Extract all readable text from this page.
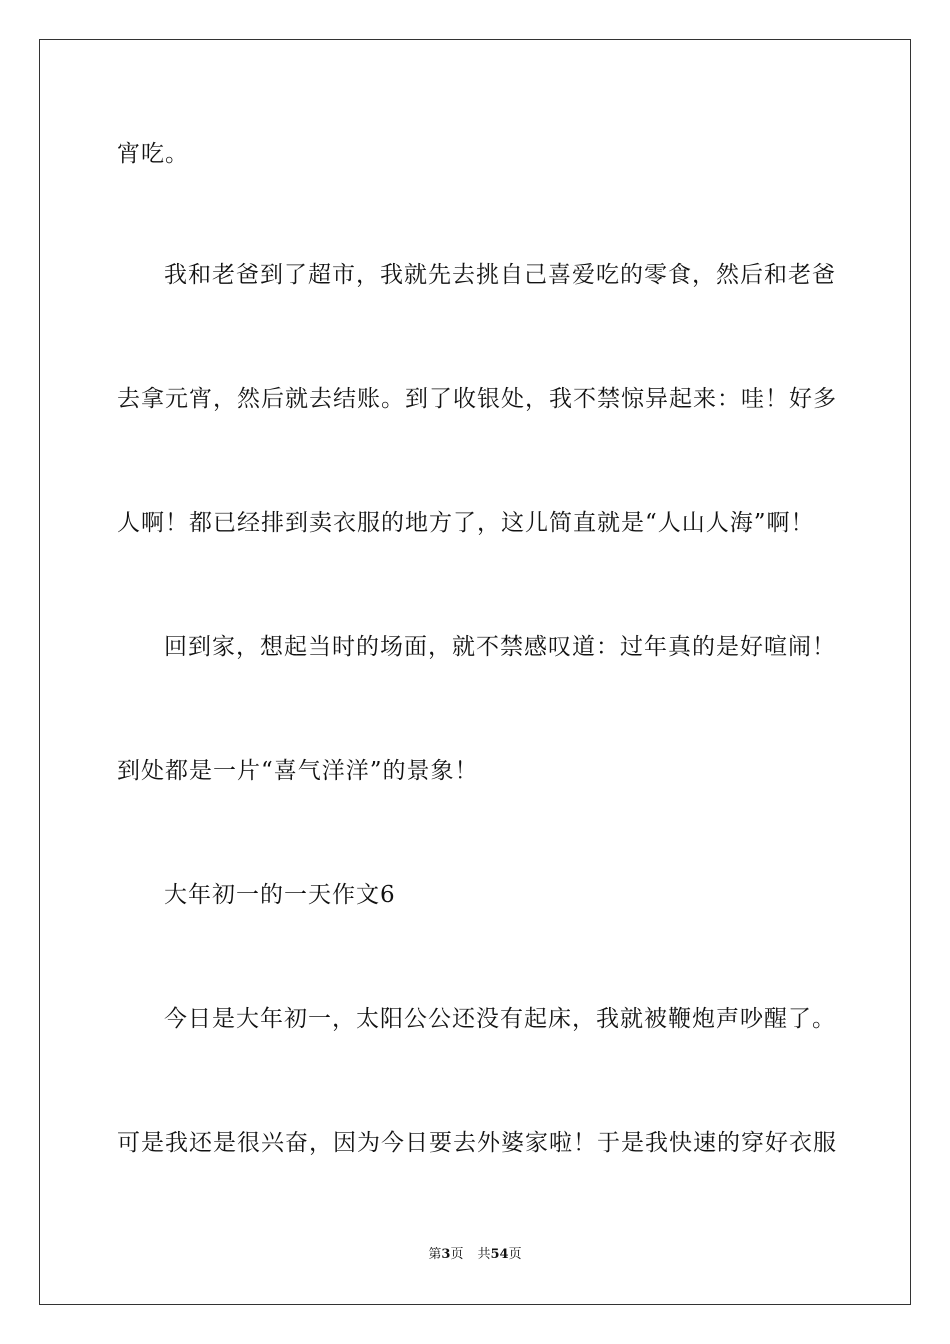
宵吃。
我和老爸到了超市，我就先去挑自己喜爱吃的零食，然后和老爸
去拿元宵，然后就去结账。到了收银处，我不禁惊异起来：哇！好多
人啊！都已经排到卖衣服的地方了，这儿简直就是“人山人海”啊！
回到家，想起当时的场面，就不禁感叹道：过年真的是好喧闹！
到处都是一片“喜气洋洋”的景象！
大年初一的一天作文6
今日是大年初一，太阳公公还没有起床，我就被鞭炮声吵醒了。
可是我还是很兴奋，因为今日要去外婆家啦！于是我快速的穿好衣服
第3页 共54页
